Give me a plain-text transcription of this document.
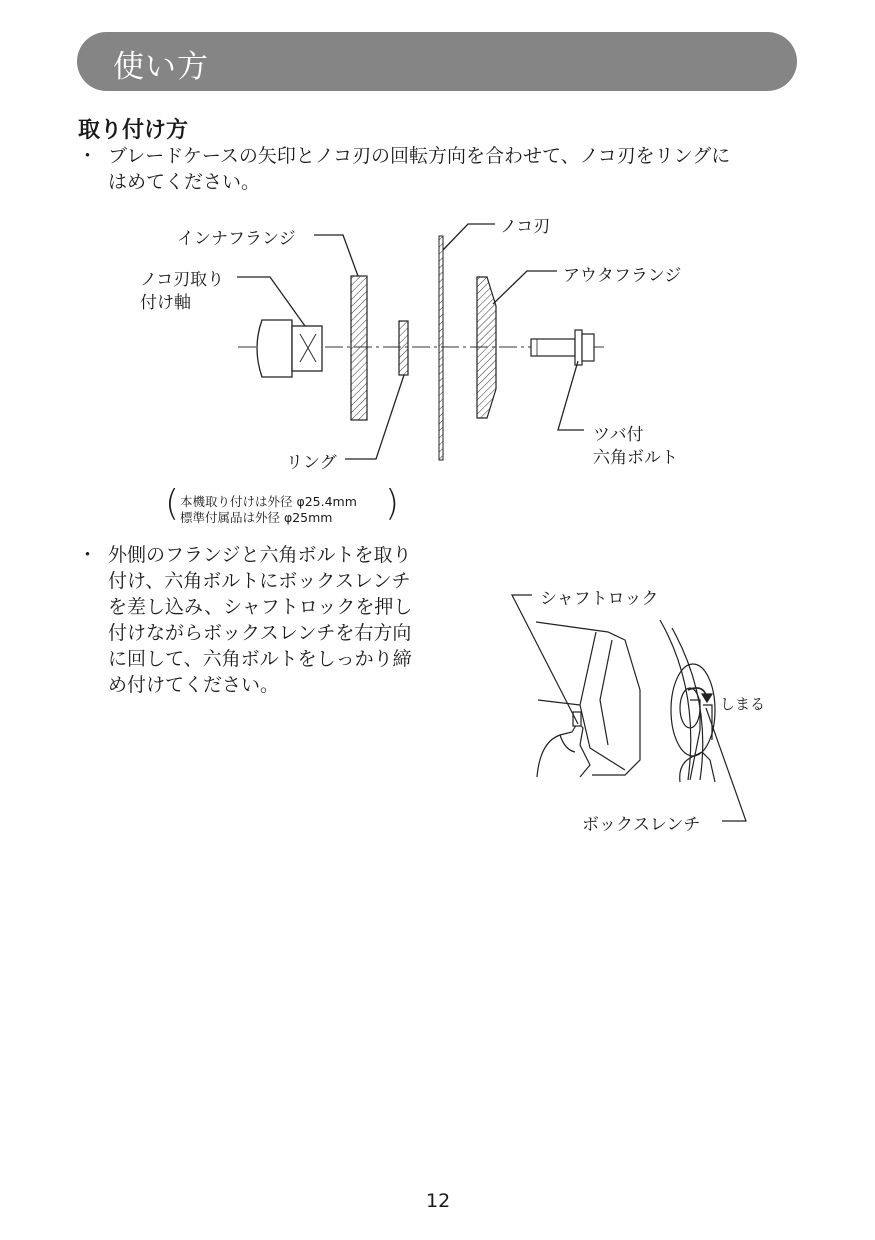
使い方
取り付け方
・ ブレードケースの矢印とノコ刃の回転方向を合わせて、ノコ刃をリングに
はめてください。
インナフランジ
ノコ刃取り
付け軸
ノコ刃
アウタフランジ
リング
ツバ付
六角ボルト
( 本機取り付けは外径 φ25.4mm
標準付属品は外径 φ25mm	)
・ 外側のフランジと六角ボルトを取り
付け、六角ボルトにボックスレンチ
を差し込み、シャフトロックを押し
付けながらボックスレンチを右方向
に回して、六角ボルトをしっかり締
め付けてください。
シャフトロック
しまる
ボックスレンチ
12
